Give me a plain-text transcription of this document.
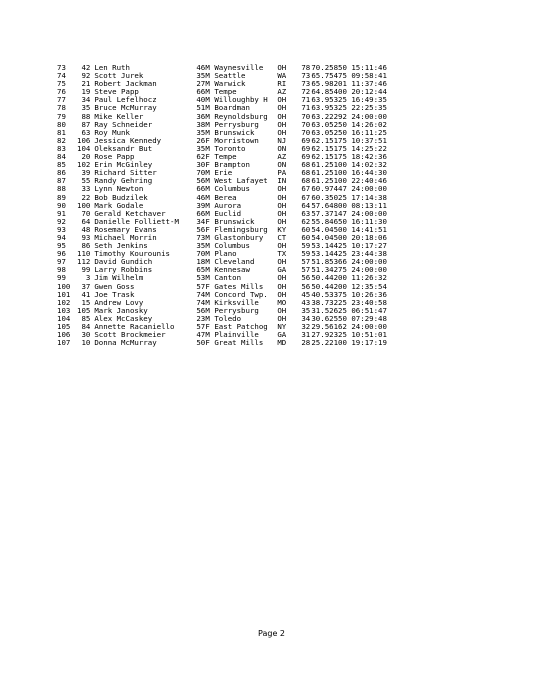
73	42	Len Ruth	46	M	Waynesville	OH	78	70.25850	15:11:46
74	92	Scott Jurek	35	M	Seattle	WA	73	65.75475	09:58:41
75	21	Robert Jackman	27	M	Warwick	RI	73	65.98201	11:37:46
76	19	Steve Papp	66	M	Tempe	AZ	72	64.85400	20:12:44
77	34	Paul Lefelhocz	40	M	Willoughby H	OH	71	63.95325	16:49:35
78	35	Bruce McMurray	51	M	Boardman	OH	71	63.95325	22:25:35
79	88	Mike Keller	36	M	Reynoldsburg	OH	70	63.22292	24:00:00
80	87	Ray Schneider	38	M	Perrysburg	OH	70	63.05250	14:26:02
81	63	Roy Munk	35	M	Brunswick	OH	70	63.05250	16:11:25
82	106	Jessica Kennedy	26	F	Morristown	NJ	69	62.15175	10:37:51
83	104	Oleksandr But	35	M	Toronto	ON	69	62.15175	14:25:22
84	20	Rose Papp	62	F	Tempe	AZ	69	62.15175	18:42:36
85	102	Erin McGinley	30	F	Brampton	ON	68	61.25100	14:02:32
86	39	Richard Sitter	70	M	Erie	PA	68	61.25100	16:44:30
87	55	Randy Gehring	56	M	West Lafayet	IN	68	61.25100	22:40:46
88	33	Lynn Newton	66	M	Columbus	OH	67	60.97447	24:00:00
89	22	Bob Budzilek	46	M	Berea	OH	67	60.35025	17:14:38
90	100	Mark Godale	39	M	Aurora	OH	64	57.64800	08:13:11
91	70	Gerald Ketchaver	66	M	Euclid	OH	63	57.37147	24:00:00
92	64	Danielle Folliett-M	34	F	Brunswick	OH	62	55.84650	16:11:30
93	48	Rosemary Evans	56	F	Flemingsburg	KY	60	54.04500	14:41:51
94	93	Michael Morrin	73	M	Glastonbury	CT	60	54.04500	20:18:06
95	86	Seth Jenkins	35	M	Columbus	OH	59	53.14425	10:17:27
96	110	Timothy Kourounis	70	M	Plano	TX	59	53.14425	23:44:38
97	112	David Gundich	18	M	Cleveland	OH	57	51.85366	24:00:00
98	99	Larry Robbins	65	M	Kennesaw	GA	57	51.34275	24:00:00
99	3	Jim Wilhelm	53	M	Canton	OH	56	50.44200	11:26:32
100	37	Gwen Goss	57	F	Gates Mills	OH	56	50.44200	12:35:54
101	41	Joe Trask	74	M	Concord Twp.	OH	45	40.53375	10:26:36
102	15	Andrew Lovy	74	M	Kirksville	MO	43	38.73225	23:40:58
103	105	Mark Janosky	56	M	Perrysburg	OH	35	31.52625	06:51:47
104	85	Alex McCaskey	23	M	Toledo	OH	34	30.62550	07:29:48
105	84	Annette Racaniello	57	F	East Patchog	NY	32	29.56162	24:00:00
106	30	Scott Brockmeier	47	M	Plainville	GA	31	27.92325	10:51:01
107	10	Donna McMurray	50	F	Great Mills	MD	28	25.22100	19:17:19
Page 2
